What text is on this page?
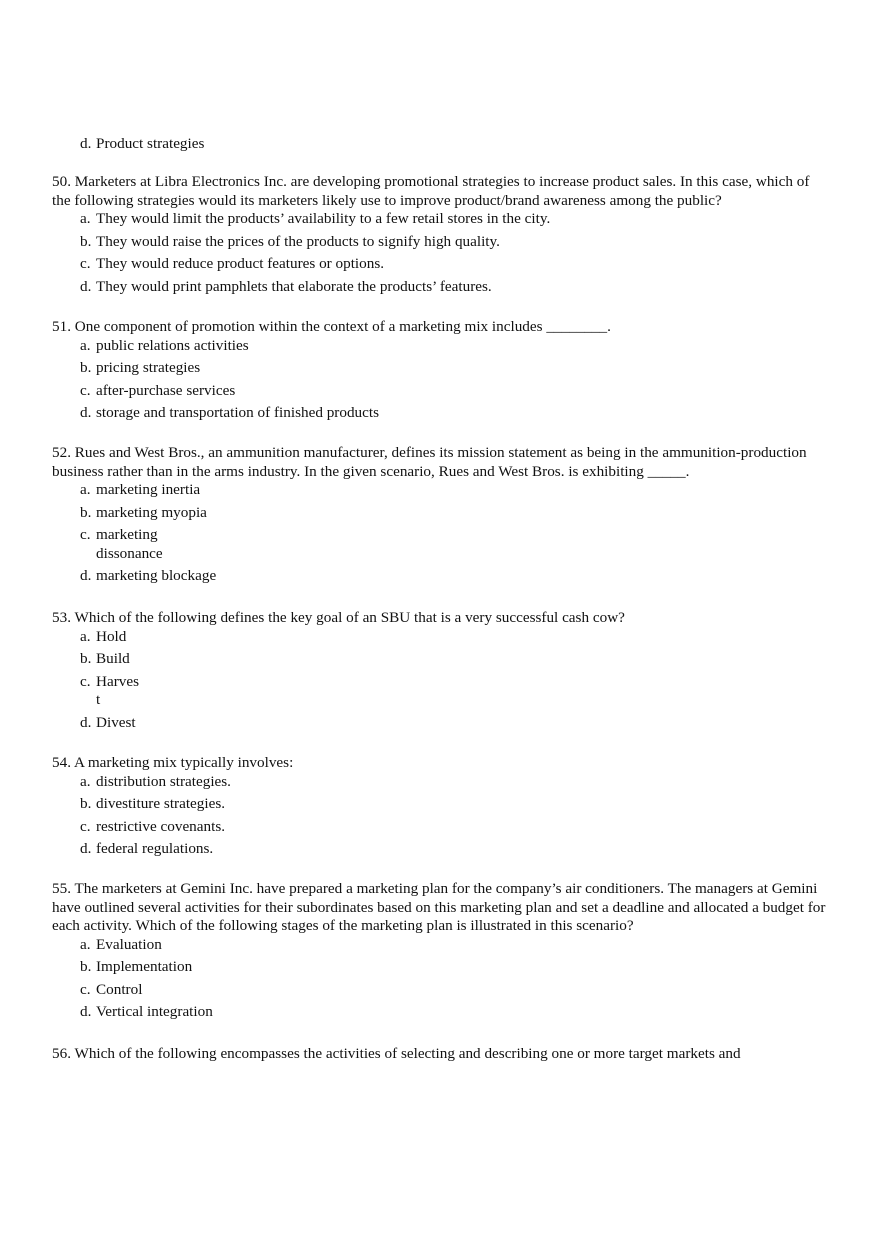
d. Product strategies

50. Marketers at Libra Electronics Inc. are developing promotional strategies to increase product sales. In this case, which of the following strategies would its marketers likely use to improve product/brand awareness among the public?

a. They would limit the products’ availability to a few retail stores in the city.

b. They would raise the prices of the products to signify high quality.

c. They would reduce product features or options.

d. They would print pamphlets that elaborate the products’ features.

51. One component of promotion within the context of a marketing mix includes ________.

a. public relations activities

b. pricing strategies

c. after-purchase services

d. storage and transportation of finished products

52. Rues and West Bros., an ammunition manufacturer, defines its mission statement as being in the ammunition-production business rather than in the arms industry. In the given scenario, Rues and West Bros. is exhibiting _____.

a. marketing inertia

b. marketing myopia

c. marketing dissonance

d. marketing blockage

53. Which of the following defines the key goal of an SBU that is a very successful cash cow?

a. Hold

b. Build

c. Harvest

d. Divest

54. A marketing mix typically involves:

a. distribution strategies.

b. divestiture strategies.

c. restrictive covenants.

d. federal regulations.

55. The marketers at Gemini Inc. have prepared a marketing plan for the company’s air conditioners. The managers at Gemini have outlined several activities for their subordinates based on this marketing plan and set a deadline and allocated a budget for each activity. Which of the following stages of the marketing plan is illustrated in this scenario?

a. Evaluation

b. Implementation

c. Control

d. Vertical integration

56. Which of the following encompasses the activities of selecting and describing one or more target markets and
